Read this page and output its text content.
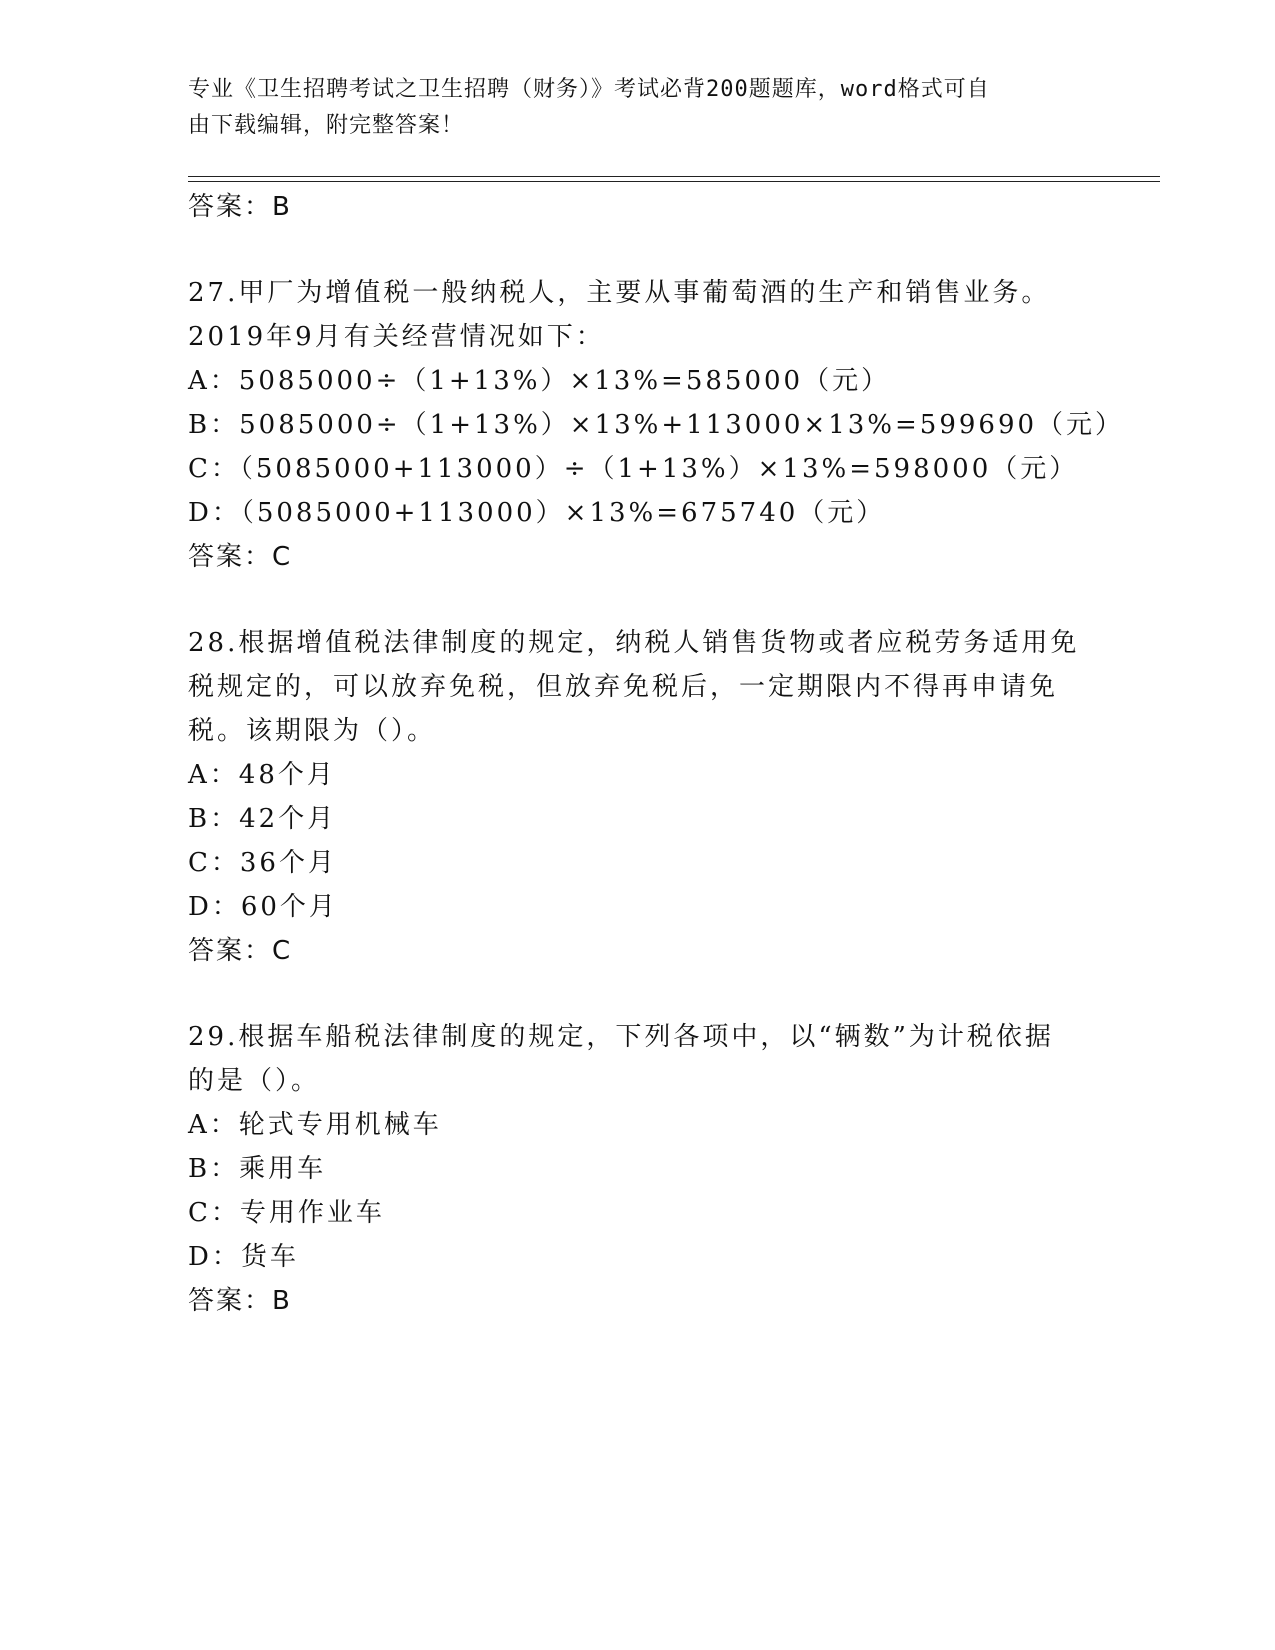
专业《卫生招聘考试之卫生招聘（财务）》考试必背200题题库，word格式可自
由下载编辑，附完整答案！
答案：B
27.甲厂为增值税一般纳税人，主要从事葡萄酒的生产和销售业务。
2019年9月有关经营情况如下：
A：5085000÷（1+13%）×13%=585000（元）
B：5085000÷（1+13%）×13%+113000×13%=599690（元）
C：（5085000+113000）÷（1+13%）×13%=598000（元）
D：（5085000+113000）×13%=675740（元）
答案：C
28.根据增值税法律制度的规定，纳税人销售货物或者应税劳务适用免
税规定的，可以放弃免税，但放弃免税后，一定期限内不得再申请免
税。该期限为（）。
A：48个月
B：42个月
C：36个月
D：60个月
答案：C
29.根据车船税法律制度的规定，下列各项中，以“辆数”为计税依据
的是（）。
A：轮式专用机械车
B：乘用车
C：专用作业车
D：货车
答案：B
